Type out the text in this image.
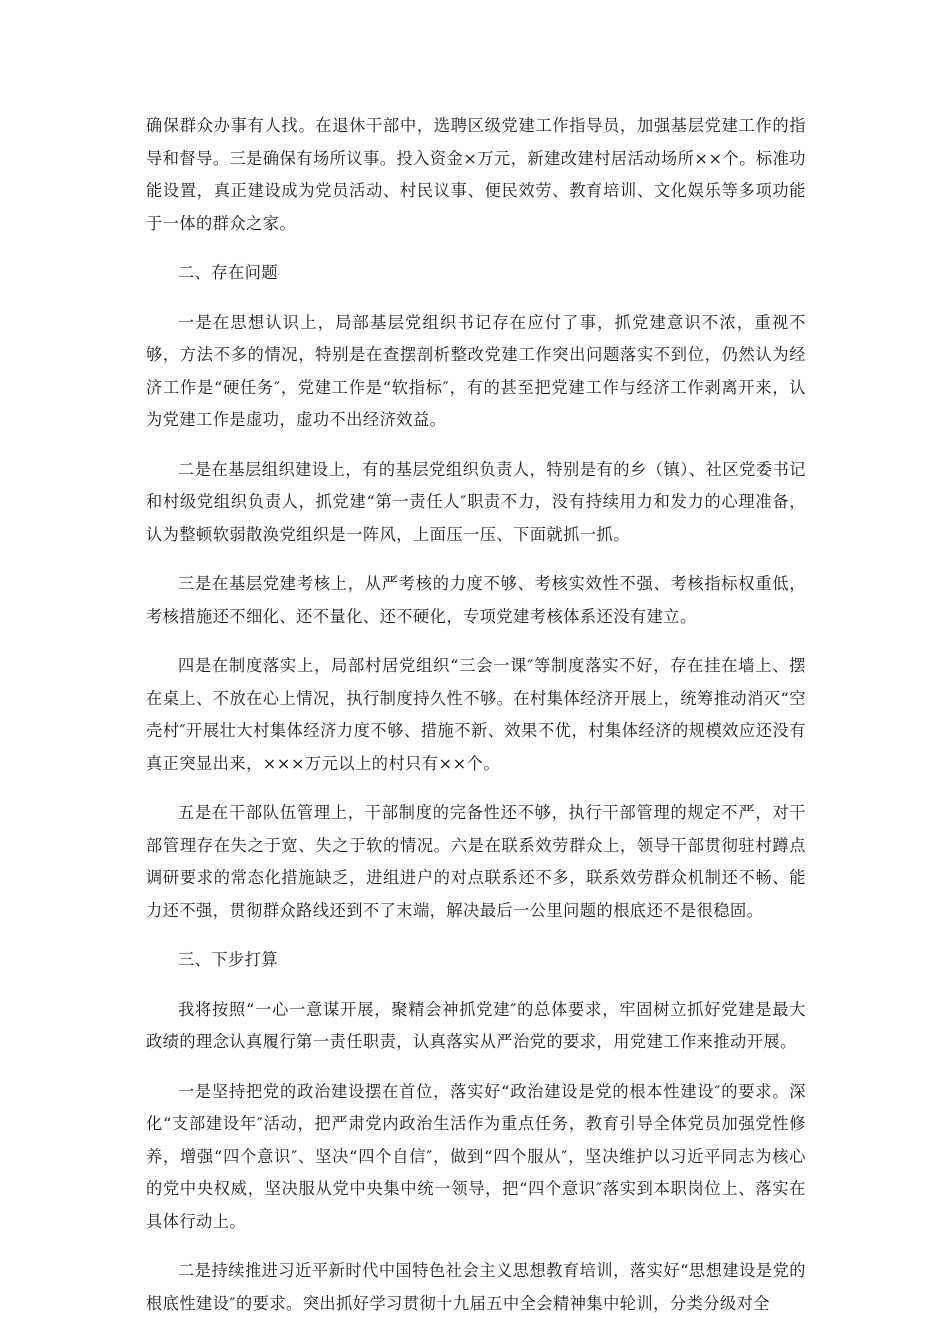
确保群众办事有人找。在退休干部中，选聘区级党建工作指导员，加强基层党建工作的指导和督导。三是确保有场所议事。投入资金×万元，新建改建村居活动场所××个。标准功能设置，真正建设成为党员活动、村民议事、便民效劳、教育培训、文化娱乐等多项功能于一体的群众之家。

二、存在问题

一是在思想认识上，局部基层党组织书记存在应付了事，抓党建意识不浓，重视不够，方法不多的情况，特别是在查摆剖析整改党建工作突出问题落实不到位，仍然认为经济工作是“硬任务″，党建工作是“软指标″，有的甚至把党建工作与经济工作剥离开来，认为党建工作是虚功，虚功不出经济效益。

二是在基层组织建设上，有的基层党组织负责人，特别是有的乡（镇）、社区党委书记和村级党组织负责人，抓党建“第一责任人″职责不力，没有持续用力和发力的心理准备，认为整顿软弱散涣党组织是一阵风，上面压一压、下面就抓一抓。

三是在基层党建考核上，从严考核的力度不够、考核实效性不强、考核指标权重低，考核措施还不细化、还不量化、还不硬化，专项党建考核体系还没有建立。

四是在制度落实上，局部村居党组织“三会一课″等制度落实不好，存在挂在墙上、摆在桌上、不放在心上情况，执行制度持久性不够。在村集体经济开展上，统筹推动消灭“空壳村″开展壮大村集体经济力度不够、措施不新、效果不优，村集体经济的规模效应还没有真正突显出来，×××万元以上的村只有××个。

五是在干部队伍管理上，干部制度的完备性还不够，执行干部管理的规定不严，对干部管理存在失之于宽、失之于软的情况。六是在联系效劳群众上，领导干部贯彻驻村蹲点调研要求的常态化措施缺乏，进组进户的对点联系还不多，联系效劳群众机制还不畅、能力还不强，贯彻群众路线还到不了末端，解决最后一公里问题的根底还不是很稳固。

三、下步打算

我将按照“一心一意谋开展，聚精会神抓党建″的总体要求，牢固树立抓好党建是最大政绩的理念认真履行第一责任职责，认真落实从严治党的要求，用党建工作来推动开展。

一是坚持把党的政治建设摆在首位，落实好“政治建设是党的根本性建设″的要求。深化“支部建设年″活动，把严肃党内政治生活作为重点任务，教育引导全体党员加强党性修养，增强“四个意识″、坚决“四个自信″，做到“四个服从″，坚决维护以习近平同志为核心的党中央权威，坚决服从党中央集中统一领导，把“四个意识″落实到本职岗位上、落实在具体行动上。

二是持续推进习近平新时代中国特色社会主义思想教育培训，落实好“思想建设是党的根底性建设″的要求。突出抓好学习贯彻十九届五中全会精神集中轮训，分类分级对全
